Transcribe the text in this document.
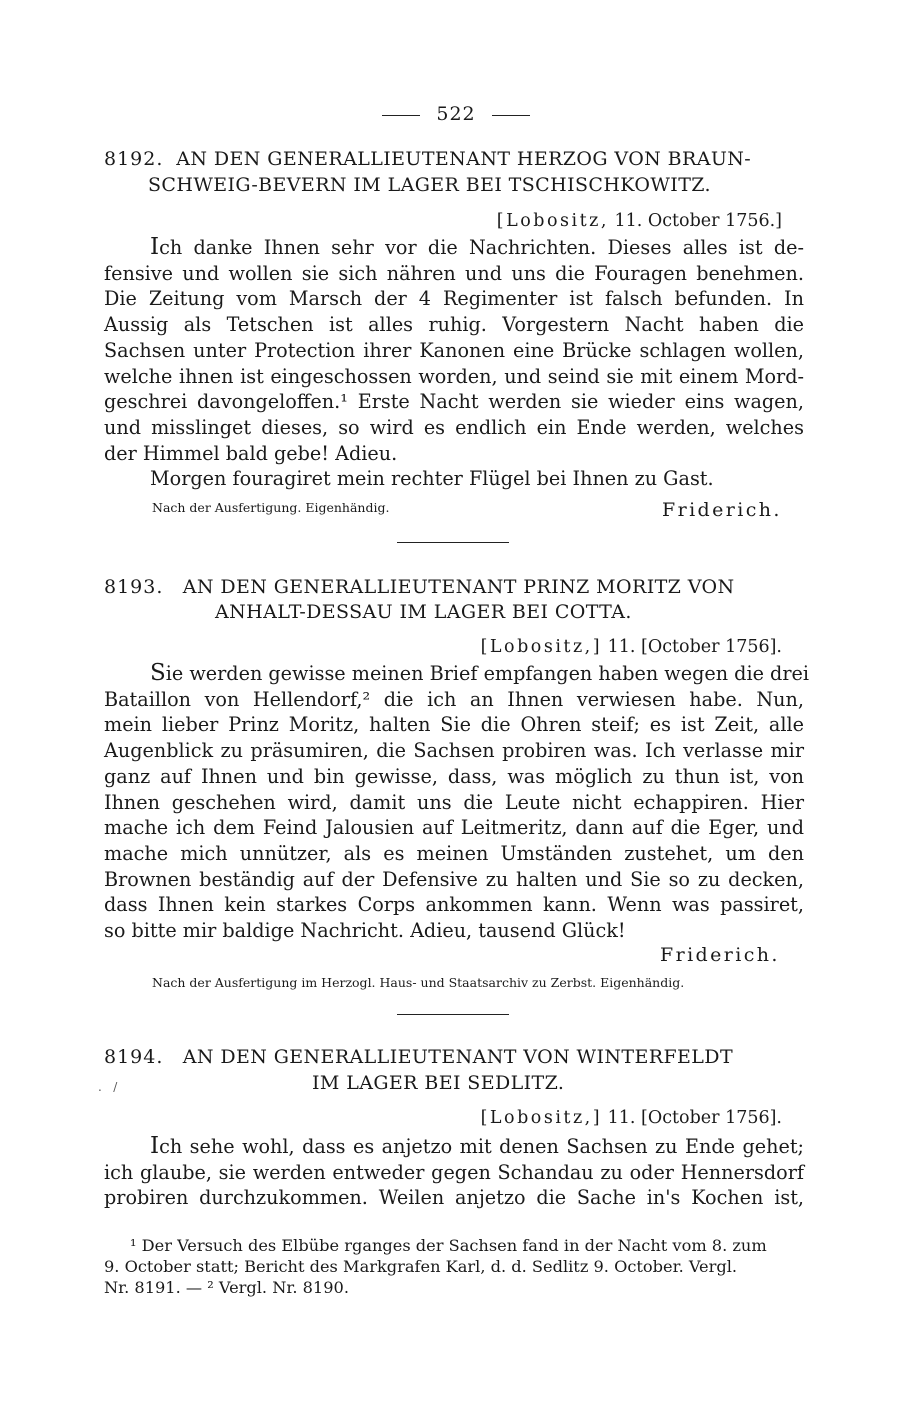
522
8192. AN DEN GENERALLIEUTENANT HERZOG VON BRAUN-
SCHWEIG-BEVERN IM LAGER BEI TSCHISCHKOWITZ.
[Lobositz, 11. October 1756.]

Ich danke Ihnen sehr vor die Nachrichten. Dieses alles ist de-

fensive und wollen sie sich nähren und uns die Fouragen benehmen.

Die Zeitung vom Marsch der 4 Regimenter ist falsch befunden. In

Aussig als Tetschen ist alles ruhig. Vorgestern Nacht haben die

Sachsen unter Protection ihrer Kanonen eine Brücke schlagen wollen,

welche ihnen ist eingeschossen worden, und seind sie mit einem Mord-

geschrei davongeloffen.¹ Erste Nacht werden sie wieder eins wagen,

und misslinget dieses, so wird es endlich ein Ende werden, welches

der Himmel bald gebe! Adieu.

Morgen fouragiret mein rechter Flügel bei Ihnen zu Gast.

Nach der Ausfertigung. Eigenhändig.	Friderich.
8193. AN DEN GENERALLIEUTENANT PRINZ MORITZ VON
ANHALT-DESSAU IM LAGER BEI COTTA.
[Lobositz,] 11. [October 1756].

Sie werden gewisse meinen Brief empfangen haben wegen die drei

Bataillon von Hellendorf,² die ich an Ihnen verwiesen habe. Nun,

mein lieber Prinz Moritz, halten Sie die Ohren steif; es ist Zeit, alle

Augenblick zu präsumiren, die Sachsen probiren was. Ich verlasse mir

ganz auf Ihnen und bin gewisse, dass, was möglich zu thun ist, von

Ihnen geschehen wird, damit uns die Leute nicht echappiren. Hier

mache ich dem Feind Jalousien auf Leitmeritz, dann auf die Eger, und

mache mich unnützer, als es meinen Umständen zustehet, um den

Brownen beständig auf der Defensive zu halten und Sie so zu decken,

dass Ihnen kein starkes Corps ankommen kann. Wenn was passiret,

so bitte mir baldige Nachricht. Adieu, tausend Glück!

Friderich.
Nach der Ausfertigung im Herzogl. Haus- und Staatsarchiv zu Zerbst. Eigenhändig.
8194. AN DEN GENERALLIEUTENANT VON WINTERFELDT
.   /	IM LAGER BEI SEDLITZ.
[Lobositz,] 11. [October 1756].

Ich sehe wohl, dass es anjetzo mit denen Sachsen zu Ende gehet;

ich glaube, sie werden entweder gegen Schandau zu oder Hennersdorf

probiren durchzukommen. Weilen anjetzo die Sache in's Kochen ist,

¹ Der Versuch des Elbübe rganges der Sachsen fand in der Nacht vom 8. zum

9. October statt; Bericht des Markgrafen Karl, d. d. Sedlitz 9. October. Vergl.

Nr. 8191. — ² Vergl. Nr. 8190.
